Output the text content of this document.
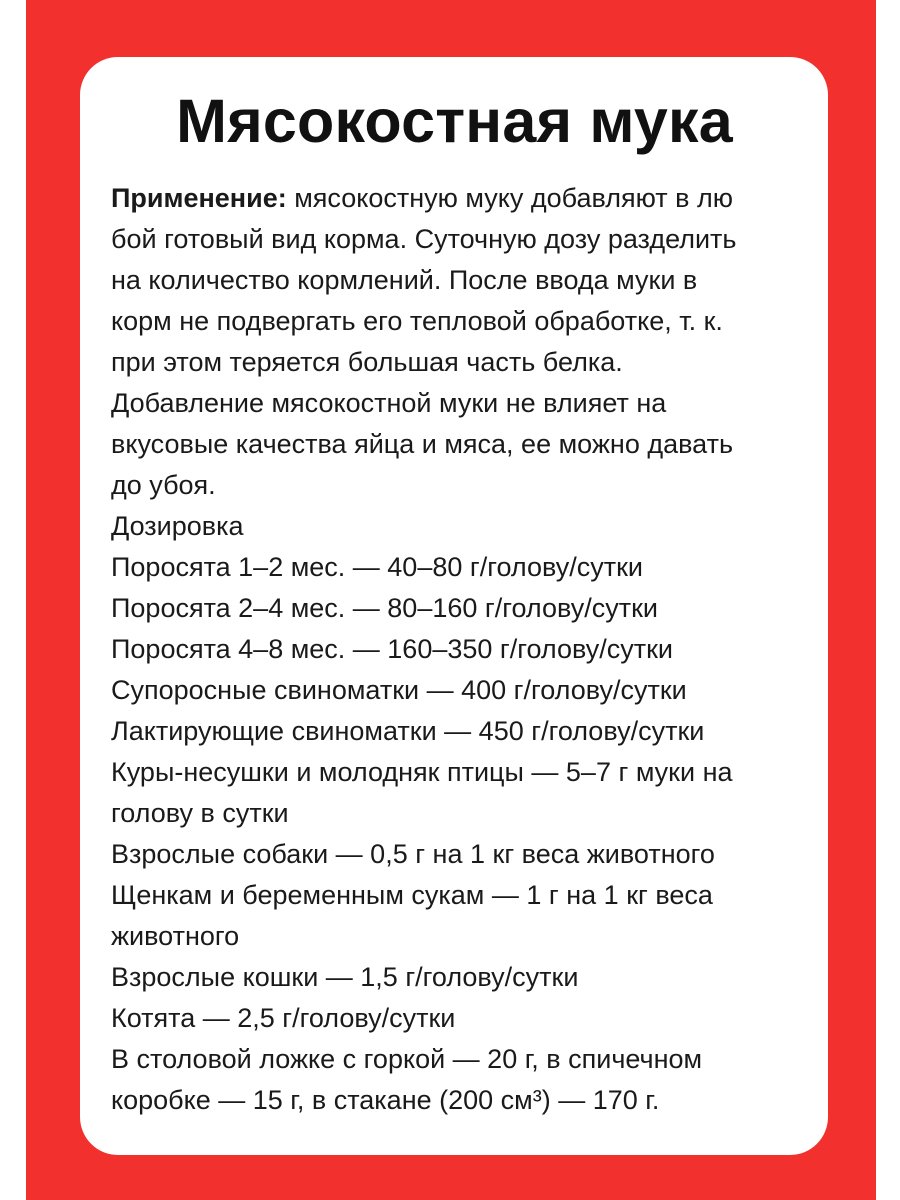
Мясокостная мука
Применение: мясокостную муку добавляют в лю
бой готовый вид корма. Суточную дозу разделить
на количество кормлений. После ввода муки в
корм не подвергать его тепловой обработке, т. к.
при этом теряется большая часть белка.
Добавление мясокостной муки не влияет на
вкусовые качества яйца и мяса, ее можно давать
до убоя.
Дозировка
Поросята 1–2 мес. — 40–80 г/голову/сутки
Поросята 2–4 мес. — 80–160 г/голову/сутки
Поросята 4–8 мес. — 160–350 г/голову/сутки
Супоросные свиноматки — 400 г/голову/сутки
Лактирующие свиноматки — 450 г/голову/сутки
Куры-несушки и молодняк птицы — 5–7 г муки на
голову в сутки
Взрослые собаки — 0,5 г на 1 кг веса животного
Щенкам и беременным сукам — 1 г на 1 кг веса
животного
Взрослые кошки — 1,5 г/голову/сутки
Котята — 2,5 г/голову/сутки
В столовой ложке с горкой — 20 г, в спичечном
коробке — 15 г, в стакане (200 см³) — 170 г.
